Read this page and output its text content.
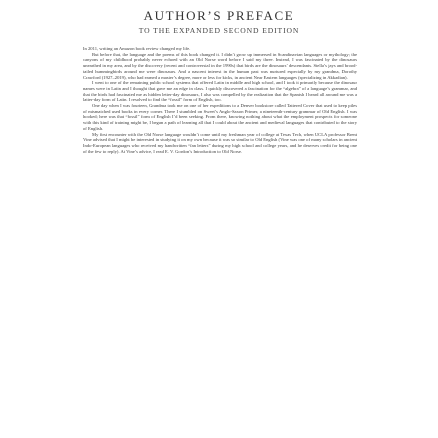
AUTHOR’S PREFACE
TO THE EXPANDED SECOND EDITION

In 2011, writing an Amazon book review changed my life.

But before that, the language and the poems of this book changed it. I didn’t grow up immersed in Scandinavian languages or mythology; the canyons of my childhood probably never echoed with an Old Norse word before I said my three. Instead, I was fascinated by the dinosaurs unearthed in my area, and by the discovery (recent and controversial in the 1990s) that birds are the dinosaurs’ descendants. Stella’s jays and brood-tailed hummingbirds around me were dinosaurs. And a nascent interest in the human past was nurtured especially by my grandma, Dorothy Crawford (1927–2019), who had earned a master’s degree, more or less for kicks, in ancient Near Eastern languages (specializing in Akkadian).

I went to one of the remaining public school systems that offered Latin in middle and high school, and I took it primarily because the dinosaur names were in Latin and I thought that gave me an edge in class. I quickly discovered a fascination for the “algebra” of a language’s grammar, and that the birds had fascinated me as hidden letter-day dinosaurs, I also was compelled by the realization that the Spanish I heard all around me was a latter-day form of Latin. I resolved to find the “fossil” form of English, too.

One day when I was fourteen, Grandma took me on one of her expeditions to a Denver bookstore called Tattered Cover that used to keep piles of mismatched used books in every corner. There I stumbled on Sweet’s Anglo-Saxon Primer, a nineteenth-century grammar of Old English. I was hooked; here was that “fossil” form of English I’d been seeking. From there, knowing nothing about what the employment prospects for someone with this kind of training might be, I began a path of learning all that I could about the ancient and medieval languages that contributed to the story of English.

My first encounter with the Old Norse language wouldn’t come until my freshman year of college at Texas Tech, when UCLA professor Brent Vine advised that I might be interested in studying it on my own because it was so similar to Old English (Vine was one of many scholars in ancient Indo-European languages who received my handwritten “fan letters” during my high school and college years, and he deserves credit for being one of the few to reply). At Vine’s advice, I read E. V. Gordon’s Introduction to Old Norse.
